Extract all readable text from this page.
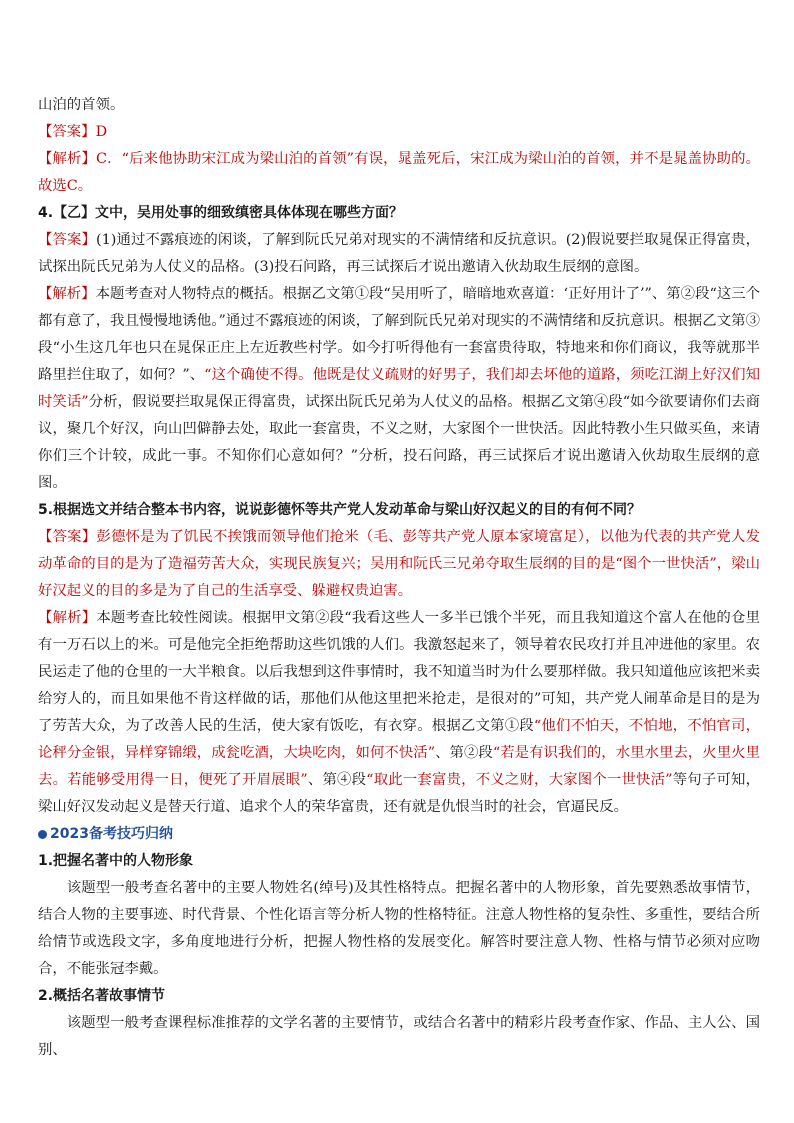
山泊的首领。

【答案】D

【解析】C．“后来他协助宋江成为梁山泊的首领”有误，晁盖死后，宋江成为梁山泊的首领，并不是晁盖协助的。故选C。

4.【乙】文中，吴用处事的细致缜密具体体现在哪些方面？

【答案】(1)通过不露痕迹的闲谈，了解到阮氏兄弟对现实的不满情绪和反抗意识。(2)假说要拦取晁保正得富贵，试探出阮氏兄弟为人仗义的品格。(3)投石问路，再三试探后才说出邀请入伙劫取生辰纲的意图。

【解析】本题考查对人物特点的概括。根据乙文第①段“吴用听了，暗暗地欢喜道：‘正好用计了’”、第②段“这三个都有意了，我且慢慢地诱他。”通过不露痕迹的闲谈，了解到阮氏兄弟对现实的不满情绪和反抗意识。根据乙文第③段“小生这几年也只在晁保正庄上左近教些村学。如今打听得他有一套富贵待取，特地来和你们商议，我等就那半路里拦住取了，如何？”、“这个确使不得。他既是仗义疏财的好男子，我们却去坏他的道路，须吃江湖上好汉们知时笑话”分析，假说要拦取晁保正得富贵，试探出阮氏兄弟为人仗义的品格。根据乙文第④段“如今欲要请你们去商议，聚几个好汉，向山凹僻静去处，取此一套富贵，不义之财，大家图个一世快活。因此特教小生只做买鱼，来请你们三个计较，成此一事。不知你们心意如何？”分析，投石问路，再三试探后才说出邀请入伙劫取生辰纲的意图。

5.根据选文并结合整本书内容，说说彭德怀等共产党人发动革命与梁山好汉起义的目的有何不同？

【答案】彭德怀是为了饥民不挨饿而领导他们抢米（毛、彭等共产党人原本家境富足），以他为代表的共产党人发动革命的目的是为了造福劳苦大众，实现民族复兴；吴用和阮氏三兄弟夺取生辰纲的目的是“图个一世快活”，梁山好汉起义的目的多是为了自己的生活享受、躲避权贵迫害。

【解析】本题考查比较性阅读。根据甲文第②段“我看这些人一多半已饿个半死，而且我知道这个富人在他的仓里有一万石以上的米。可是他完全拒绝帮助这些饥饿的人们。我激怒起来了，领导着农民攻打并且冲进他的家里。农民运走了他的仓里的一大半粮食。以后我想到这件事情时，我不知道当时为什么要那样做。我只知道他应该把米卖给穷人的，而且如果他不肯这样做的话，那他们从他这里把米抢走，是很对的”可知，共产党人闹革命是目的是为了劳苦大众，为了改善人民的生活，使大家有饭吃，有衣穿。根据乙文第①段“他们不怕天，不怕地，不怕官司，论秤分金银，异样穿锦缎，成瓮吃酒，大块吃肉，如何不快活”、第②段“若是有识我们的，水里水里去，火里火里去。若能够受用得一日，便死了开眉展眼”、第④段“取此一套富贵，不义之财，大家图个一世快活”等句子可知，梁山好汉发动起义是替天行道、追求个人的荣华富贵，还有就是仇恨当时的社会，官逼民反。

2023备考技巧归纳

1.把握名著中的人物形象

该题型一般考查名著中的主要人物姓名(绰号)及其性格特点。把握名著中的人物形象，首先要熟悉故事情节，结合人物的主要事迹、时代背景、个性化语言等分析人物的性格特征。注意人物性格的复杂性、多重性，要结合所给情节或选段文字，多角度地进行分析，把握人物性格的发展变化。解答时要注意人物、性格与情节必须对应吻合，不能张冠李戴。

2.概括名著故事情节

该题型一般考查课程标准推荐的文学名著的主要情节，或结合名著中的精彩片段考查作家、作品、主人公、国别、
